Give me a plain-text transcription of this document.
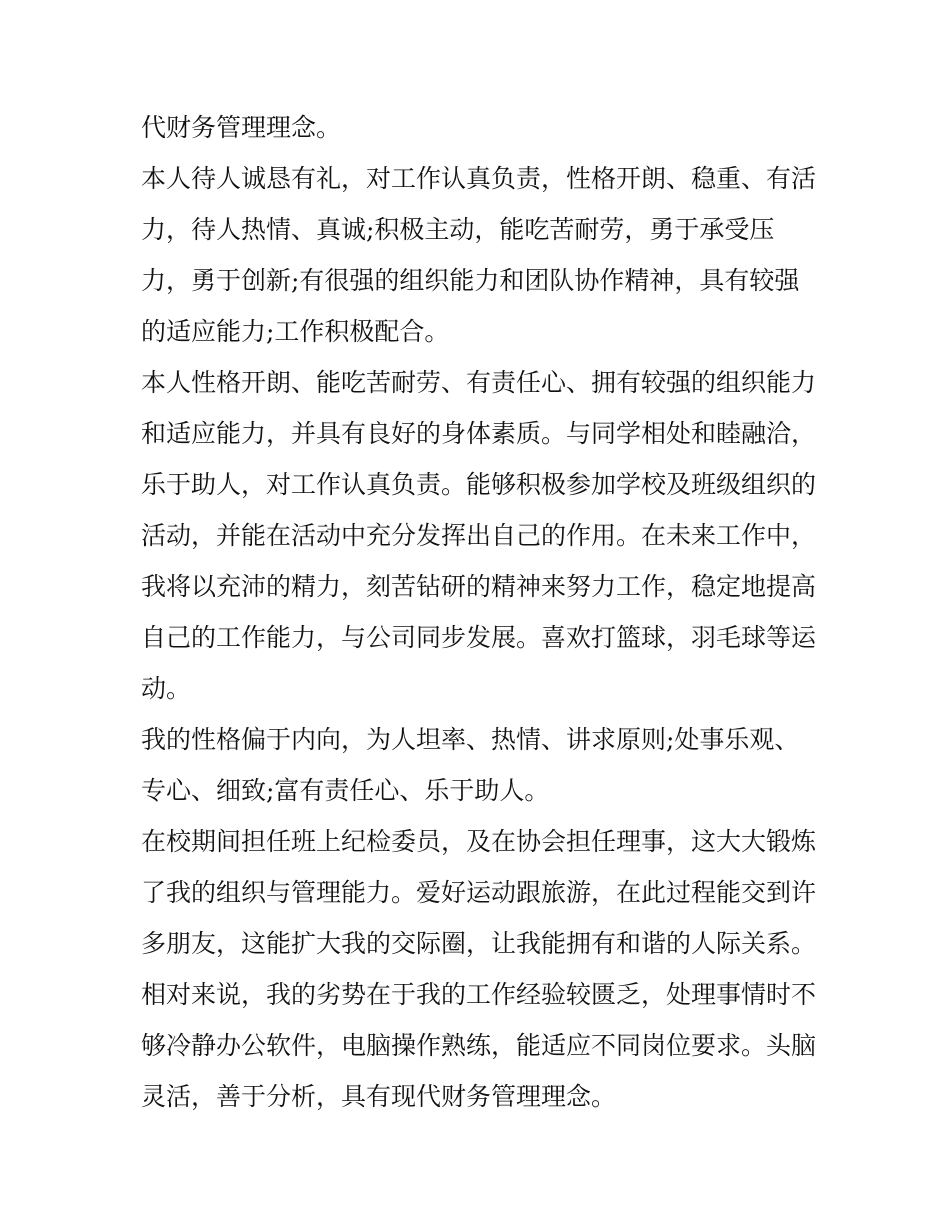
代财务管理理念。
本人待人诚恳有礼，对工作认真负责，性格开朗、稳重、有活
力，待人热情、真诚;积极主动，能吃苦耐劳，勇于承受压
力，勇于创新;有很强的组织能力和团队协作精神，具有较强
的适应能力;工作积极配合。
本人性格开朗、能吃苦耐劳、有责任心、拥有较强的组织能力
和适应能力，并具有良好的身体素质。与同学相处和睦融洽，
乐于助人，对工作认真负责。能够积极参加学校及班级组织的
活动，并能在活动中充分发挥出自己的作用。在未来工作中，
我将以充沛的精力，刻苦钻研的精神来努力工作，稳定地提高
自己的工作能力，与公司同步发展。喜欢打篮球，羽毛球等运
动。
我的性格偏于内向，为人坦率、热情、讲求原则;处事乐观、
专心、细致;富有责任心、乐于助人。
在校期间担任班上纪检委员，及在协会担任理事，这大大锻炼
了我的组织与管理能力。爱好运动跟旅游，在此过程能交到许
多朋友，这能扩大我的交际圈，让我能拥有和谐的人际关系。
相对来说，我的劣势在于我的工作经验较匮乏，处理事情时不
够冷静办公软件，电脑操作熟练，能适应不同岗位要求。头脑
灵活，善于分析，具有现代财务管理理念。
